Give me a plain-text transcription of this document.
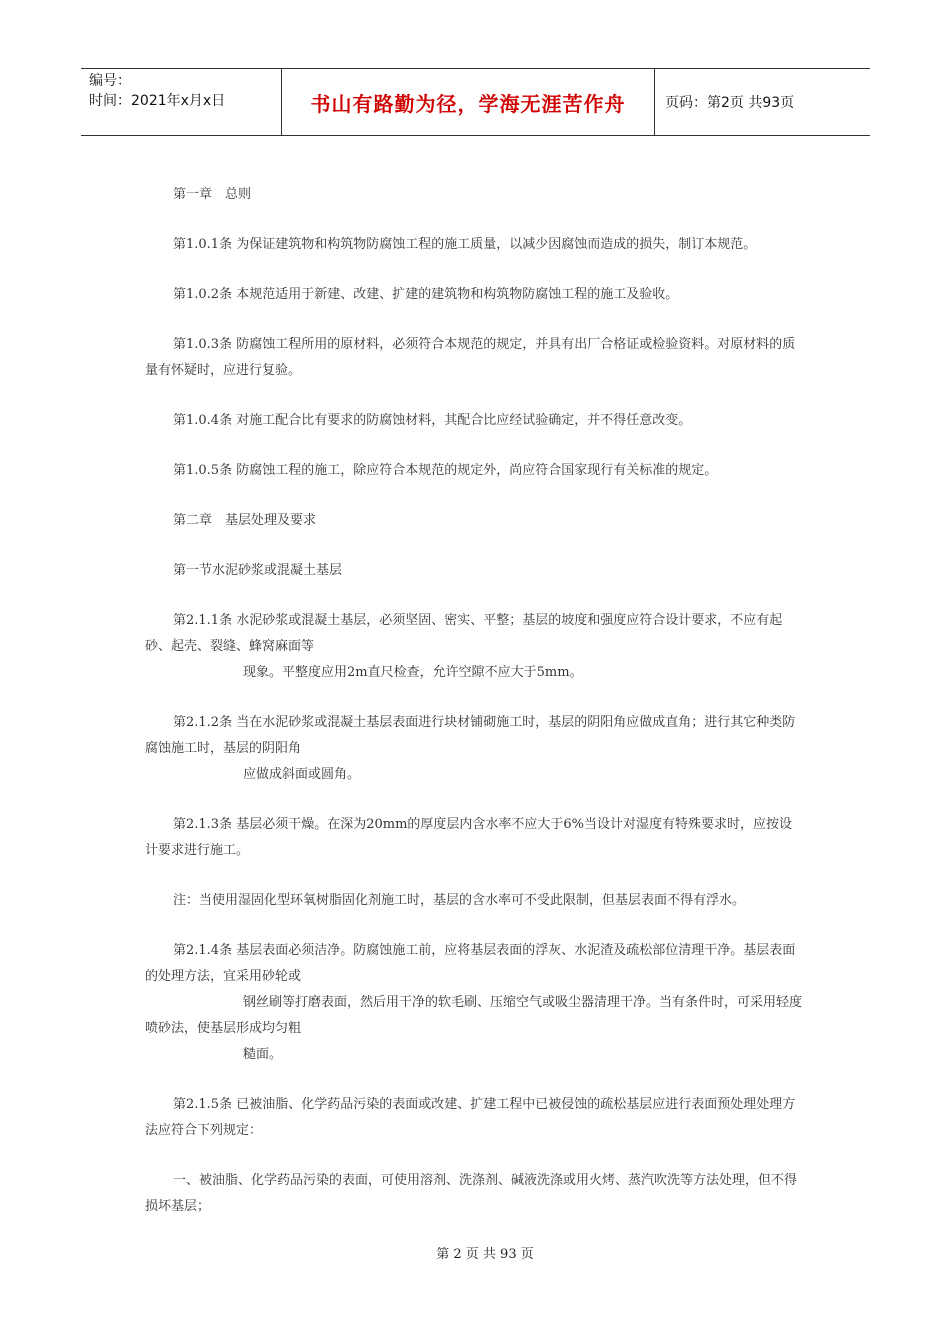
编号：
时间：2021年x月x日	书山有路勤为径，学海无涯苦作舟	页码：第2页 共93页

第一章　总则

第1.0.1条 为保证建筑物和构筑物防腐蚀工程的施工质量，以减少因腐蚀而造成的损失，制订本规范。

第1.0.2条 本规范适用于新建、改建、扩建的建筑物和构筑物防腐蚀工程的施工及验收。

第1.0.3条 防腐蚀工程所用的原材料，必须符合本规范的规定，并具有出厂合格证或检验资料。对原材料的质量有怀疑时，应进行复验。

第1.0.4条 对施工配合比有要求的防腐蚀材料，其配合比应经试验确定，并不得任意改变。

第1.0.5条 防腐蚀工程的施工，除应符合本规范的规定外，尚应符合国家现行有关标准的规定。

第二章　基层处理及要求

第一节水泥砂浆或混凝土基层

第2.1.1条 水泥砂浆或混凝土基层，必须坚固、密实、平整；基层的坡度和强度应符合设计要求，不应有起砂、起壳、裂缝、蜂窝麻面等

现象。平整度应用2m直尺检查，允许空隙不应大于5mm。

第2.1.2条 当在水泥砂浆或混凝土基层表面进行块材铺砌施工时，基层的阴阳角应做成直角；进行其它种类防腐蚀施工时，基层的阴阳角

应做成斜面或圆角。

第2.1.3条 基层必须干燥。在深为20mm的厚度层内含水率不应大于6%当设计对湿度有特殊要求时，应按设计要求进行施工。

注：当使用湿固化型环氧树脂固化剂施工时，基层的含水率可不受此限制，但基层表面不得有浮水。

第2.1.4条 基层表面必须洁净。防腐蚀施工前，应将基层表面的浮灰、水泥渣及疏松部位清理干净。基层表面的处理方法，宜采用砂轮或

钢丝刷等打磨表面，然后用干净的软毛刷、压缩空气或吸尘器清理干净。当有条件时，可采用轻度喷砂法，使基层形成均匀粗

糙面。

第2.1.5条 已被油脂、化学药品污染的表面或改建、扩建工程中已被侵蚀的疏松基层应进行表面预处理处理方法应符合下列规定：

一、被油脂、化学药品污染的表面，可使用溶剂、洗涤剂、碱液洗涤或用火烤、蒸汽吹洗等方法处理，但不得损坏基层；

第 2 页 共 93 页
